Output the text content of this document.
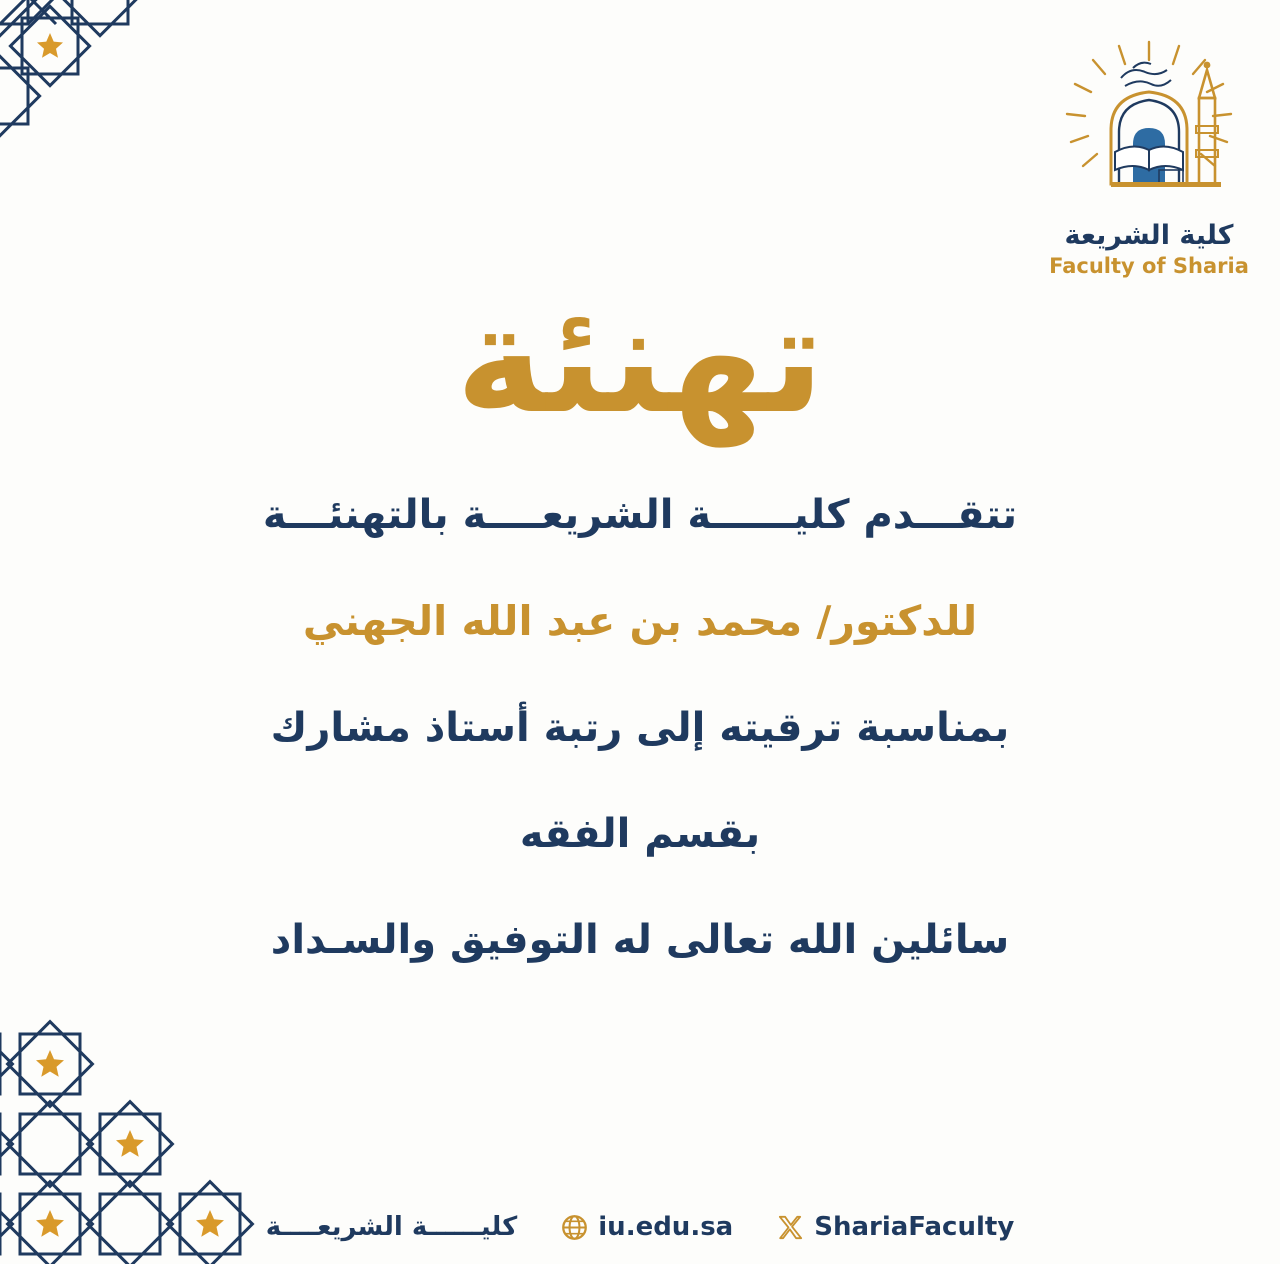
كلية الشريعة
Faculty of Sharia
تهنئة

تتقـــدم كليــــــة الشريعــــة بالتهنئـــة

للدكتور/ محمد بن عبد الله الجهني

بمناسبة ترقيته إلى رتبة أستاذ مشارك

بقسم الفقه

سائلين الله تعالى له التوفيق والسـداد

كليــــــة الشريعــــة	iu.edu.sa	ShariaFaculty
